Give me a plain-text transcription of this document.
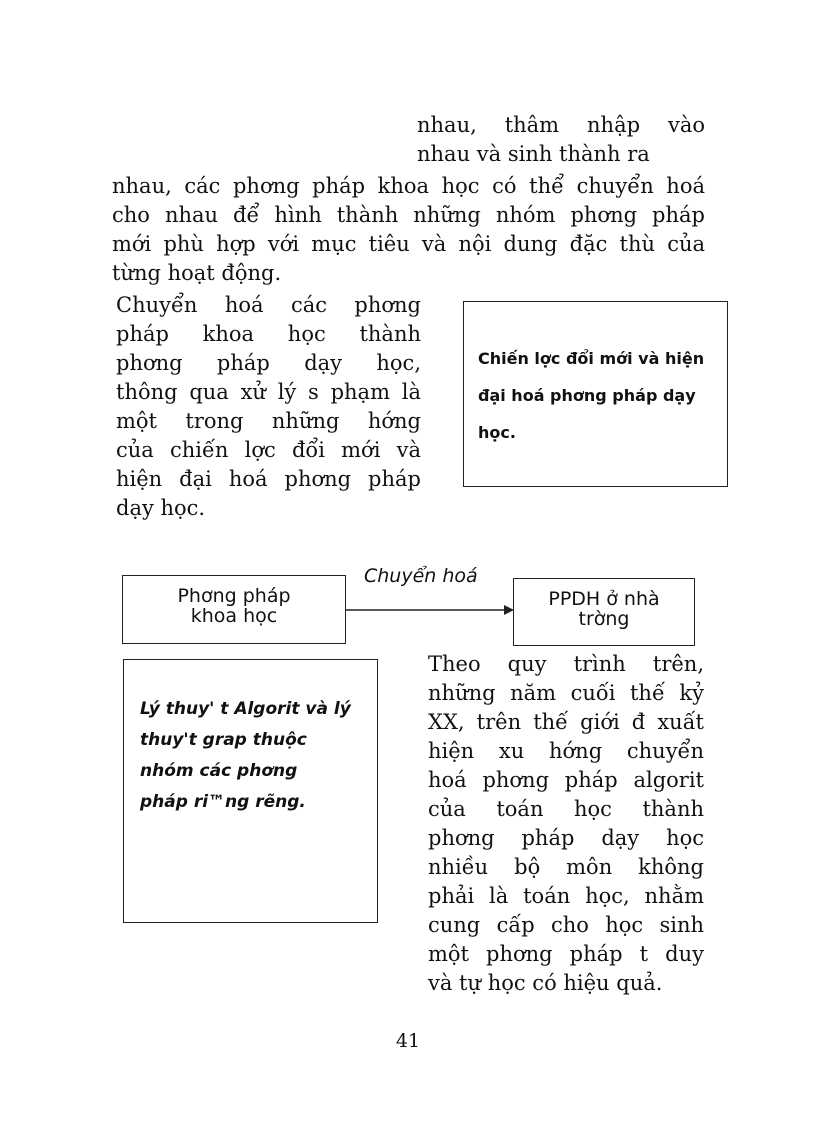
nhau, thâm nhập vào
nhau và sinh thành ra
nhau, các phơng pháp khoa học có thể chuyển hoá
cho nhau để hình thành những nhóm phơng pháp
mới phù hợp với mục tiêu và nội dung đặc thù của
từng hoạt động.
Chuyển hoá các phơng
pháp khoa học thành
phơng pháp dạy học,
thông qua xử lý s phạm là
một trong những hớng
của chiến lợc đổi mới và
hiện đại hoá phơng pháp
dạy học.
Chiến lợc đổi mới và hiện
đại hoá phơng pháp dạy
học.
Chuyển hoá
Phơng pháp
khoa học
PPDH ở nhà
trờng
Lý thuy' t Algorit và lý
thuy't grap thuộc
nhóm các phơng
pháp ri™ng rẽng.
Theo quy trình trên,
những năm cuối thế kỷ
XX, trên thế giới đ xuất
hiện xu hớng chuyển
hoá phơng pháp algorit
của toán học thành
phơng pháp dạy học
nhiều bộ môn không
phải là toán học, nhằm
cung cấp cho học sinh
một phơng pháp t duy
và tự học có hiệu quả.
41
